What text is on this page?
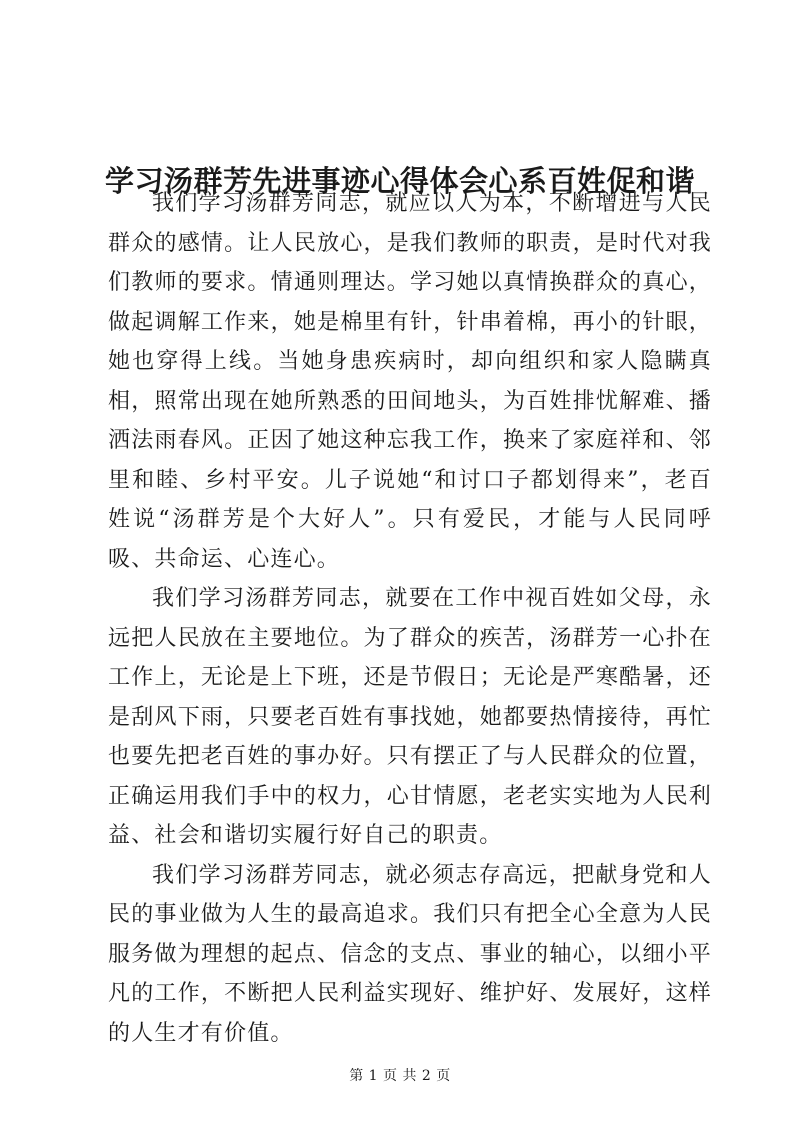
学习汤群芳先进事迹心得体会心系百姓促和谐

我们学习汤群芳同志，就应以人为本，不断增进与人民群众的感情。让人民放心，是我们教师的职责，是时代对我们教师的要求。情通则理达。学习她以真情换群众的真心，做起调解工作来，她是棉里有针，针串着棉，再小的针眼，她也穿得上线。当她身患疾病时，却向组织和家人隐瞒真相，照常出现在她所熟悉的田间地头，为百姓排忧解难、播洒法雨春风。正因了她这种忘我工作，换来了家庭祥和、邻里和睦、乡村平安。儿子说她“和讨口子都划得来”，老百姓说“汤群芳是个大好人”。只有爱民，才能与人民同呼吸、共命运、心连心。

我们学习汤群芳同志，就要在工作中视百姓如父母，永远把人民放在主要地位。为了群众的疾苦，汤群芳一心扑在工作上，无论是上下班，还是节假日；无论是严寒酷暑，还是刮风下雨，只要老百姓有事找她，她都要热情接待，再忙也要先把老百姓的事办好。只有摆正了与人民群众的位置，正确运用我们手中的权力，心甘情愿，老老实实地为人民利益、社会和谐切实履行好自己的职责。

我们学习汤群芳同志，就必须志存高远，把献身党和人民的事业做为人生的最高追求。我们只有把全心全意为人民服务做为理想的起点、信念的支点、事业的轴心，以细小平凡的工作，不断把人民利益实现好、维护好、发展好，这样的人生才有价值。

第 1 页 共 2 页
